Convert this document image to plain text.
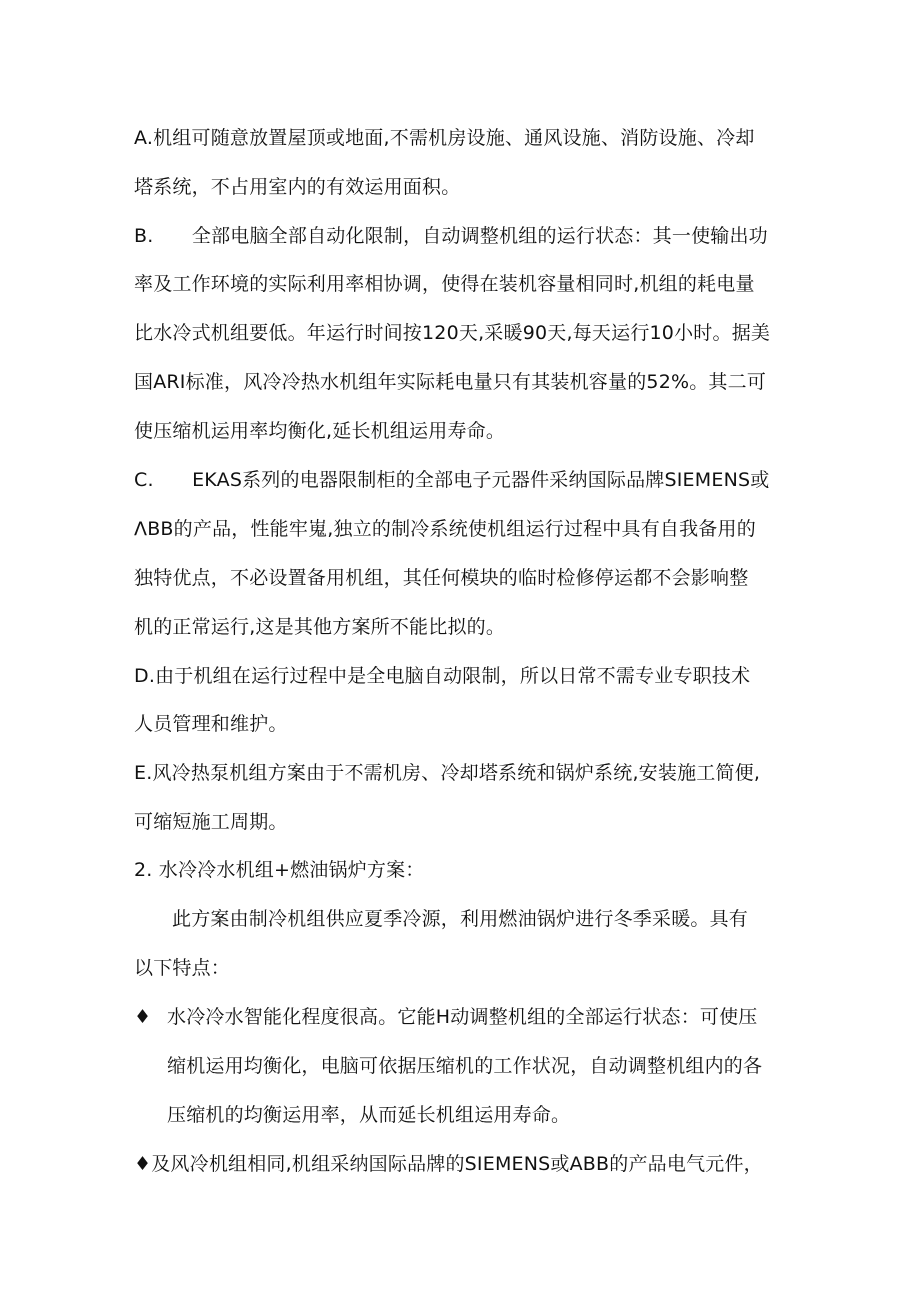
A.机组可随意放置屋顶或地面,不需机房设施、通风设施、消防设施、冷却
塔系统，不占用室内的有效运用面积。
B.　　全部电脑全部自动化限制，自动调整机组的运行状态：其一使输出功
率及工作环境的实际利用率相协调，使得在装机容量相同时,机组的耗电量
比水冷式机组要低。年运行时间按120天,采暖90天,每天运行10小时。据美
国ARI标准，风冷冷热水机组年实际耗电量只有其装机容量的52%。其二可
使压缩机运用率均衡化,延长机组运用寿命。
C.　　EKAS系列的电器限制柜的全部电子元器件采纳国际品牌SIEMENS或
ΛBB的产品，性能牢嵬,独立的制冷系统使机组运行过程中具有自我备用的
独特优点，不必设置备用机组，其任何模块的临时检修停运都不会影响整
机的正常运行,这是其他方案所不能比拟的。
D.由于机组在运行过程中是全电脑自动限制，所以日常不需专业专职技术
人员管理和维护。
E.风冷热泵机组方案由于不需机房、冷却塔系统和锅炉系统,安装施工简便,
可缩短施工周期。
2. 水冷冷水机组+燃油锅炉方案：
此方案由制冷机组供应夏季冷源，利用燃油锅炉进行冬季采暖。具有
以下特点：
♦ 水冷冷水智能化程度很高。它能H动调整机组的全部运行状态：可使压
缩机运用均衡化，电脑可依据压缩机的工作状况，自动调整机组内的各
压缩机的均衡运用率，从而延长机组运用寿命。
♦及风冷机组相同,机组采纳国际品牌的SIEMENS或ABB的产品电气元件，
